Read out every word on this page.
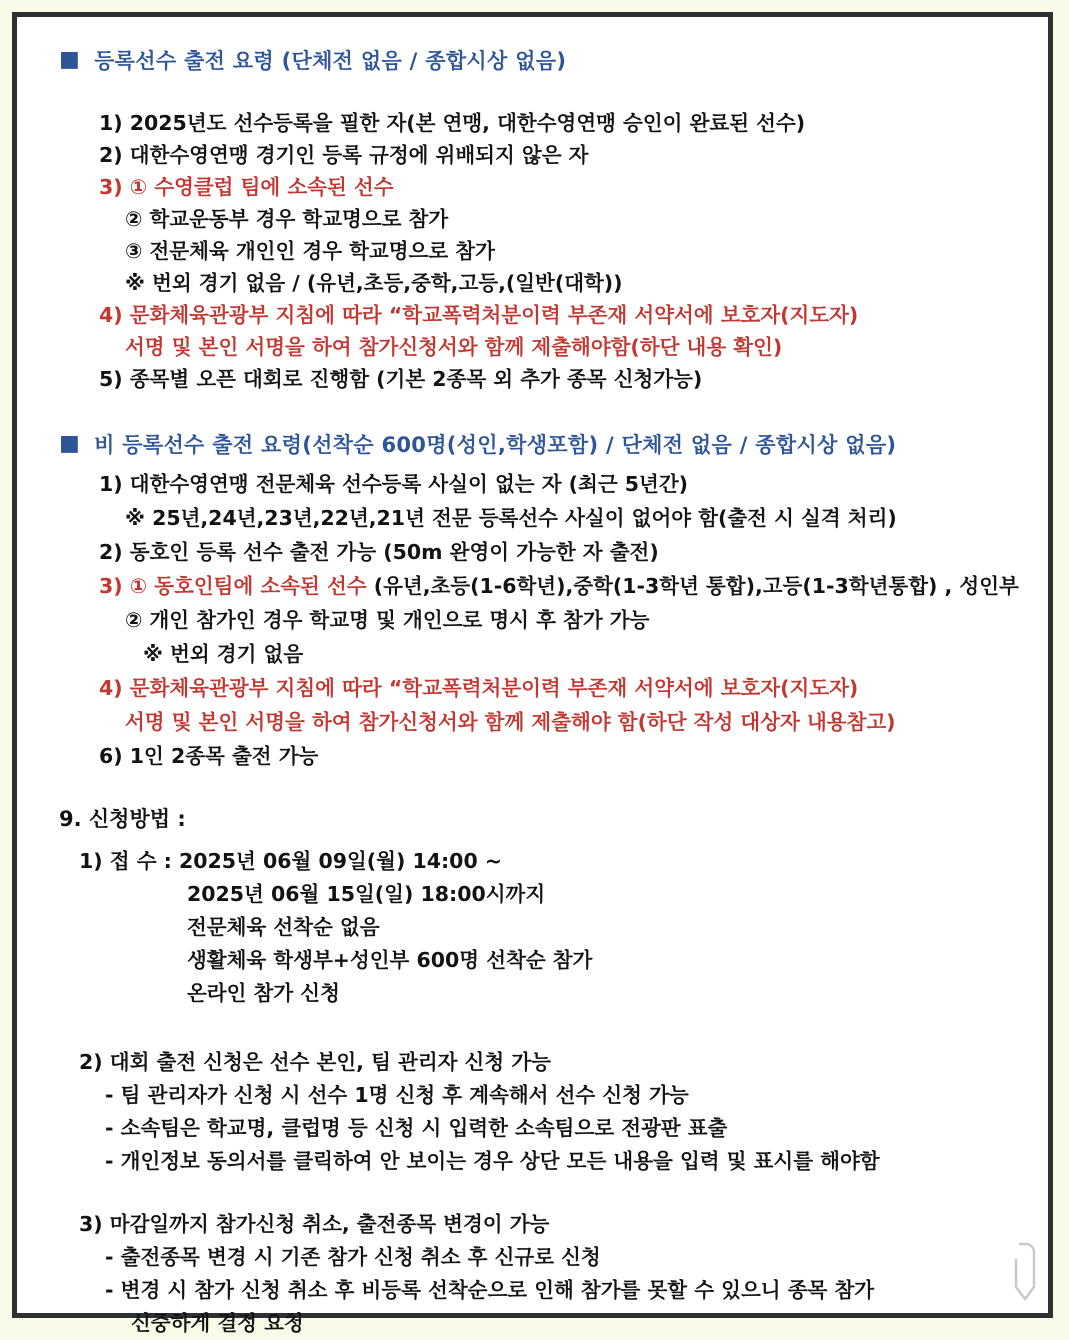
■ 등록선수 출전 요령 (단체전 없음 / 종합시상 없음)
1) 2025년도 선수등록을 필한 자(본 연맹, 대한수영연맹 승인이 완료된 선수)
2) 대한수영연맹 경기인 등록 규정에 위배되지 않은 자
3) ① 수영클럽 팀에 소속된 선수
② 학교운동부 경우 학교명으로 참가
③ 전문체육 개인인 경우 학교명으로 참가
※ 번외 경기 없음 / (유년,초등,중학,고등,(일반(대학))
4) 문화체육관광부 지침에 따라 “학교폭력처분이력 부존재 서약서에 보호자(지도자)
서명 및 본인 서명을 하여 참가신청서와 함께 제출해야함(하단 내용 확인)
5) 종목별 오픈 대회로 진행함 (기본 2종목 외 추가 종목 신청가능)
■ 비 등록선수 출전 요령(선착순 600명(성인,학생포함) / 단체전 없음 / 종합시상 없음)
1) 대한수영연맹 전문체육 선수등록 사실이 없는 자 (최근 5년간)
※ 25년,24년,23년,22년,21년 전문 등록선수 사실이 없어야 함(출전 시 실격 처리)
2) 동호인 등록 선수 출전 가능 (50m 완영이 가능한 자 출전)
3) ① 동호인팀에 소속된 선수 (유년,초등(1-6학년),중학(1-3학년 통합),고등(1-3학년통합) , 성인부
② 개인 참가인 경우 학교명 및 개인으로 명시 후 참가 가능
※ 번외 경기 없음
4) 문화체육관광부 지침에 따라 “학교폭력처분이력 부존재 서약서에 보호자(지도자)
서명 및 본인 서명을 하여 참가신청서와 함께 제출해야 함(하단 작성 대상자 내용참고)
6) 1인 2종목 출전 가능
9. 신청방법 :
1) 접 수 : 2025년 06월 09일(월) 14:00 ~
2025년 06월 15일(일) 18:00시까지
전문체육 선착순 없음
생활체육 학생부+성인부 600명 선착순 참가
온라인 참가 신청
2) 대회 출전 신청은 선수 본인, 팀 관리자 신청 가능
- 팀 관리자가 신청 시 선수 1명 신청 후 계속해서 선수 신청 가능
- 소속팀은 학교명, 클럽명 등 신청 시 입력한 소속팀으로 전광판 표출
- 개인정보 동의서를 클릭하여 안 보이는 경우 상단 모든 내용을 입력 및 표시를 해야함
3) 마감일까지 참가신청 취소, 출전종목 변경이 가능
- 출전종목 변경 시 기존 참가 신청 취소 후 신규로 신청
- 변경 시 참가 신청 취소 후 비등록 선착순으로 인해 참가를 못할 수 있으니 종목 참가
신중하게 결정 요청
